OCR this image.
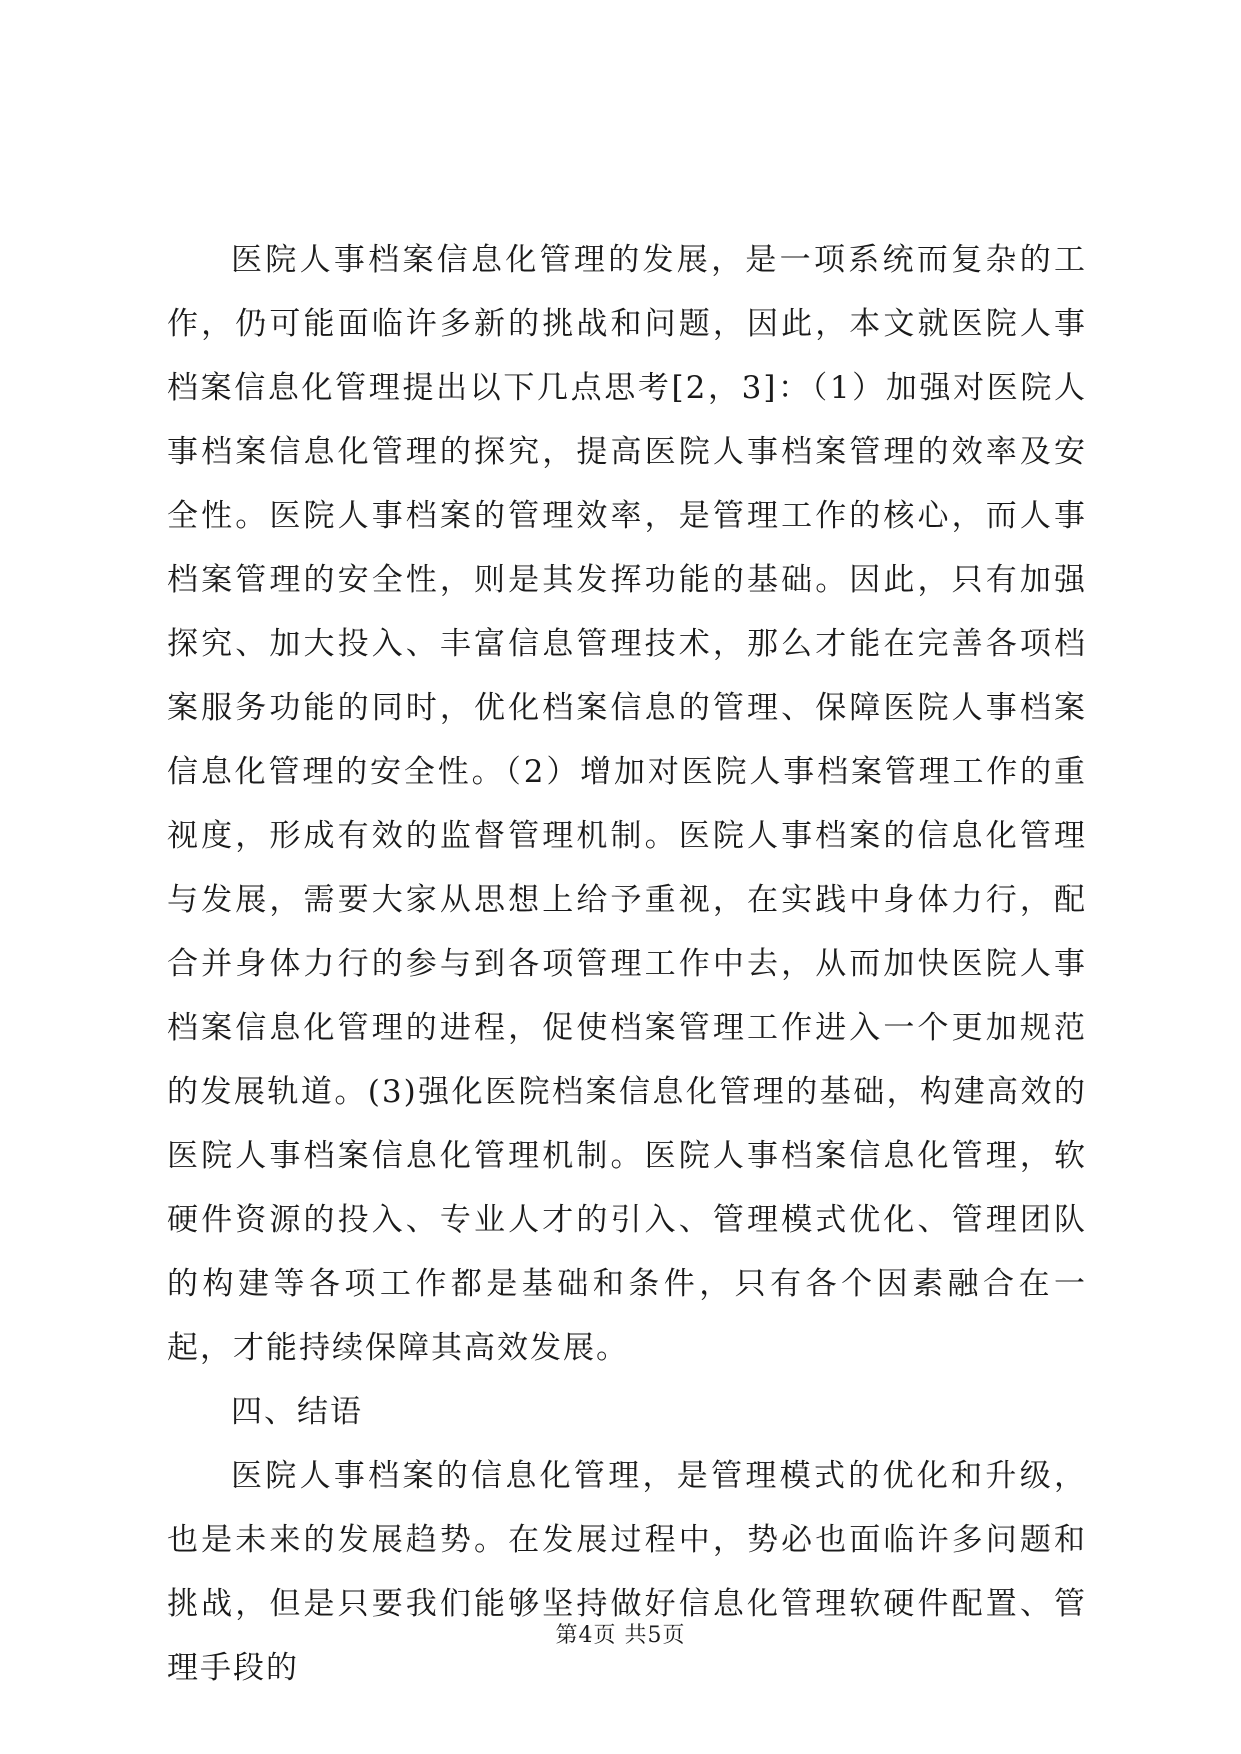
医院人事档案信息化管理的发展，是一项系统而复杂的工作，仍可能面临许多新的挑战和问题，因此，本文就医院人事档案信息化管理提出以下几点思考[2，3]：（1）加强对医院人事档案信息化管理的探究，提高医院人事档案管理的效率及安全性。医院人事档案的管理效率，是管理工作的核心，而人事档案管理的安全性，则是其发挥功能的基础。因此，只有加强探究、加大投入、丰富信息管理技术，那么才能在完善各项档案服务功能的同时，优化档案信息的管理、保障医院人事档案信息化管理的安全性。（2）增加对医院人事档案管理工作的重视度，形成有效的监督管理机制。医院人事档案的信息化管理与发展，需要大家从思想上给予重视，在实践中身体力行，配合并身体力行的参与到各项管理工作中去，从而加快医院人事档案信息化管理的进程，促使档案管理工作进入一个更加规范的发展轨道。(3)强化医院档案信息化管理的基础，构建高效的医院人事档案信息化管理机制。医院人事档案信息化管理，软硬件资源的投入、专业人才的引入、管理模式优化、管理团队的构建等各项工作都是基础和条件，只有各个因素融合在一起，才能持续保障其高效发展。

四、结语

医院人事档案的信息化管理，是管理模式的优化和升级，也是未来的发展趋势。在发展过程中，势必也面临许多问题和挑战，但是只要我们能够坚持做好信息化管理软硬件配置、管理手段的

第4页 共5页
